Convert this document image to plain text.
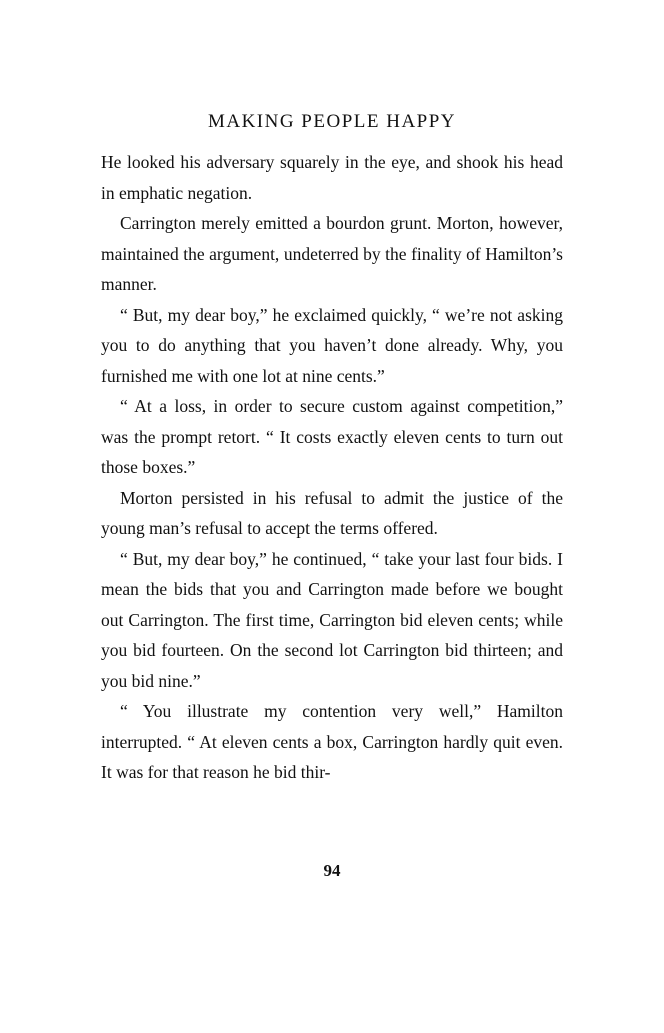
MAKING PEOPLE HAPPY

He looked his adversary squarely in the eye, and shook his head in emphatic negation.

Carrington merely emitted a bourdon grunt. Morton, however, maintained the argument, undeterred by the finality of Hamilton’s manner.

“ But, my dear boy,” he exclaimed quickly, “ we’re not asking you to do anything that you haven’t done already. Why, you furnished me with one lot at nine cents.”

“ At a loss, in order to secure custom against competition,” was the prompt retort. “ It costs exactly eleven cents to turn out those boxes.”

Morton persisted in his refusal to admit the justice of the young man’s refusal to accept the terms offered.

“ But, my dear boy,” he continued, “ take your last four bids. I mean the bids that you and Carrington made before we bought out Carrington. The first time, Carrington bid eleven cents; while you bid fourteen. On the second lot Carrington bid thirteen; and you bid nine.”

“ You illustrate my contention very well,” Hamilton interrupted. “ At eleven cents a box, Carrington hardly quit even. It was for that reason he bid thir-

94
